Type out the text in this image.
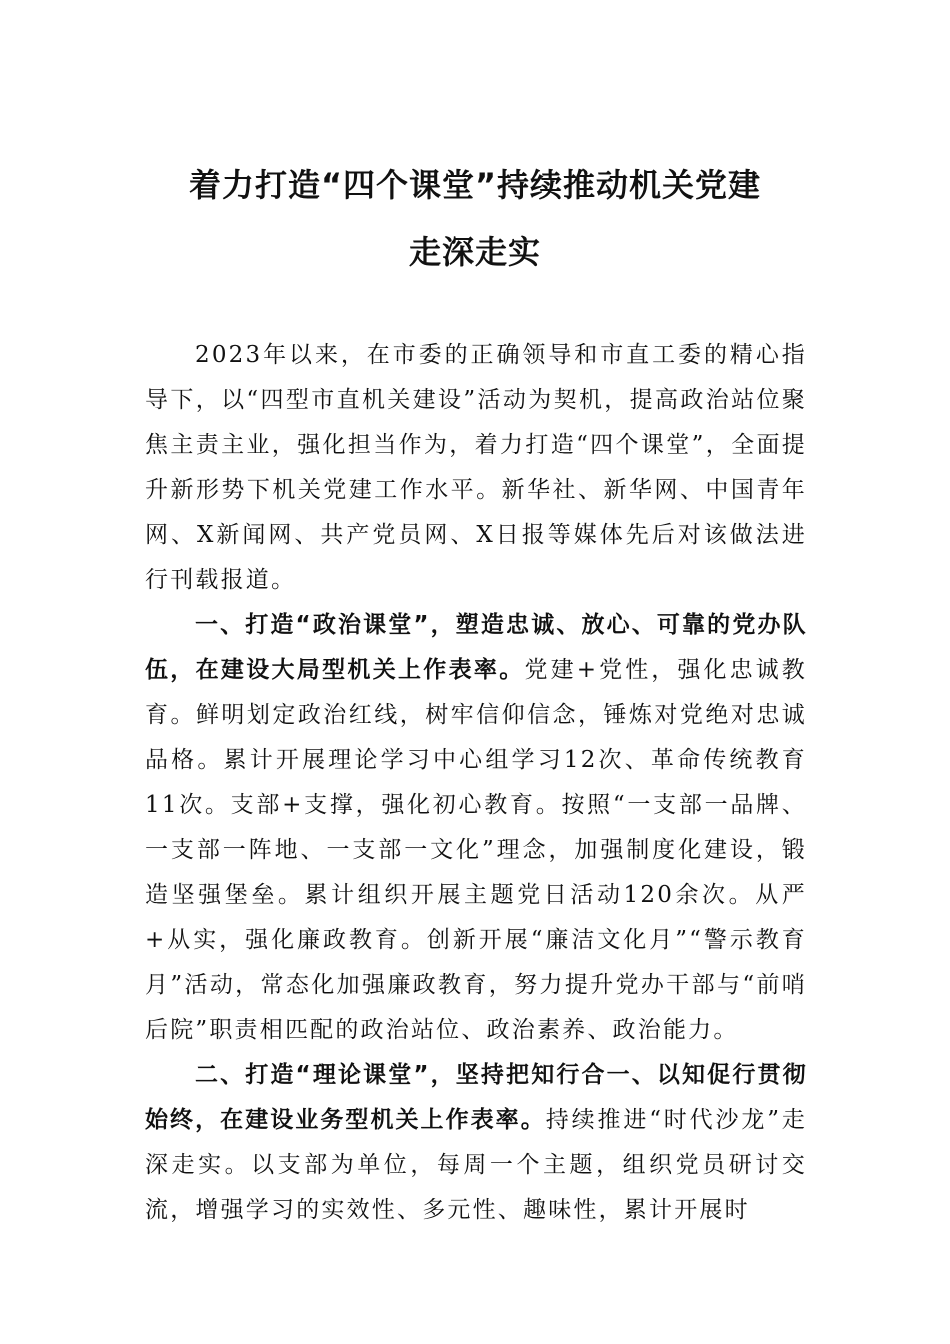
着力打造“四个课堂”持续推动机关党建
走深走实

2023年以来，在市委的正确领导和市直工委的精心指导下，以“四型市直机关建设”活动为契机，提高政治站位聚焦主责主业，强化担当作为，着力打造“四个课堂”，全面提升新形势下机关党建工作水平。新华社、新华网、中国青年网、X新闻网、共产党员网、X日报等媒体先后对该做法进行刊载报道。

一、打造“政治课堂”，塑造忠诚、放心、可靠的党办队伍，在建设大局型机关上作表率。党建+党性，强化忠诚教育。鲜明划定政治红线，树牢信仰信念，锤炼对党绝对忠诚品格。累计开展理论学习中心组学习12次、革命传统教育11次。支部+支撑，强化初心教育。按照“一支部一品牌、一支部一阵地、一支部一文化”理念，加强制度化建设，锻造坚强堡垒。累计组织开展主题党日活动120余次。从严+从实，强化廉政教育。创新开展“廉洁文化月”“警示教育月”活动，常态化加强廉政教育，努力提升党办干部与“前哨后院”职责相匹配的政治站位、政治素养、政治能力。

二、打造“理论课堂”，坚持把知行合一、以知促行贯彻始终，在建设业务型机关上作表率。持续推进“时代沙龙”走深走实。以支部为单位，每周一个主题，组织党员研讨交流，增强学习的实效性、多元性、趣味性，累计开展时
